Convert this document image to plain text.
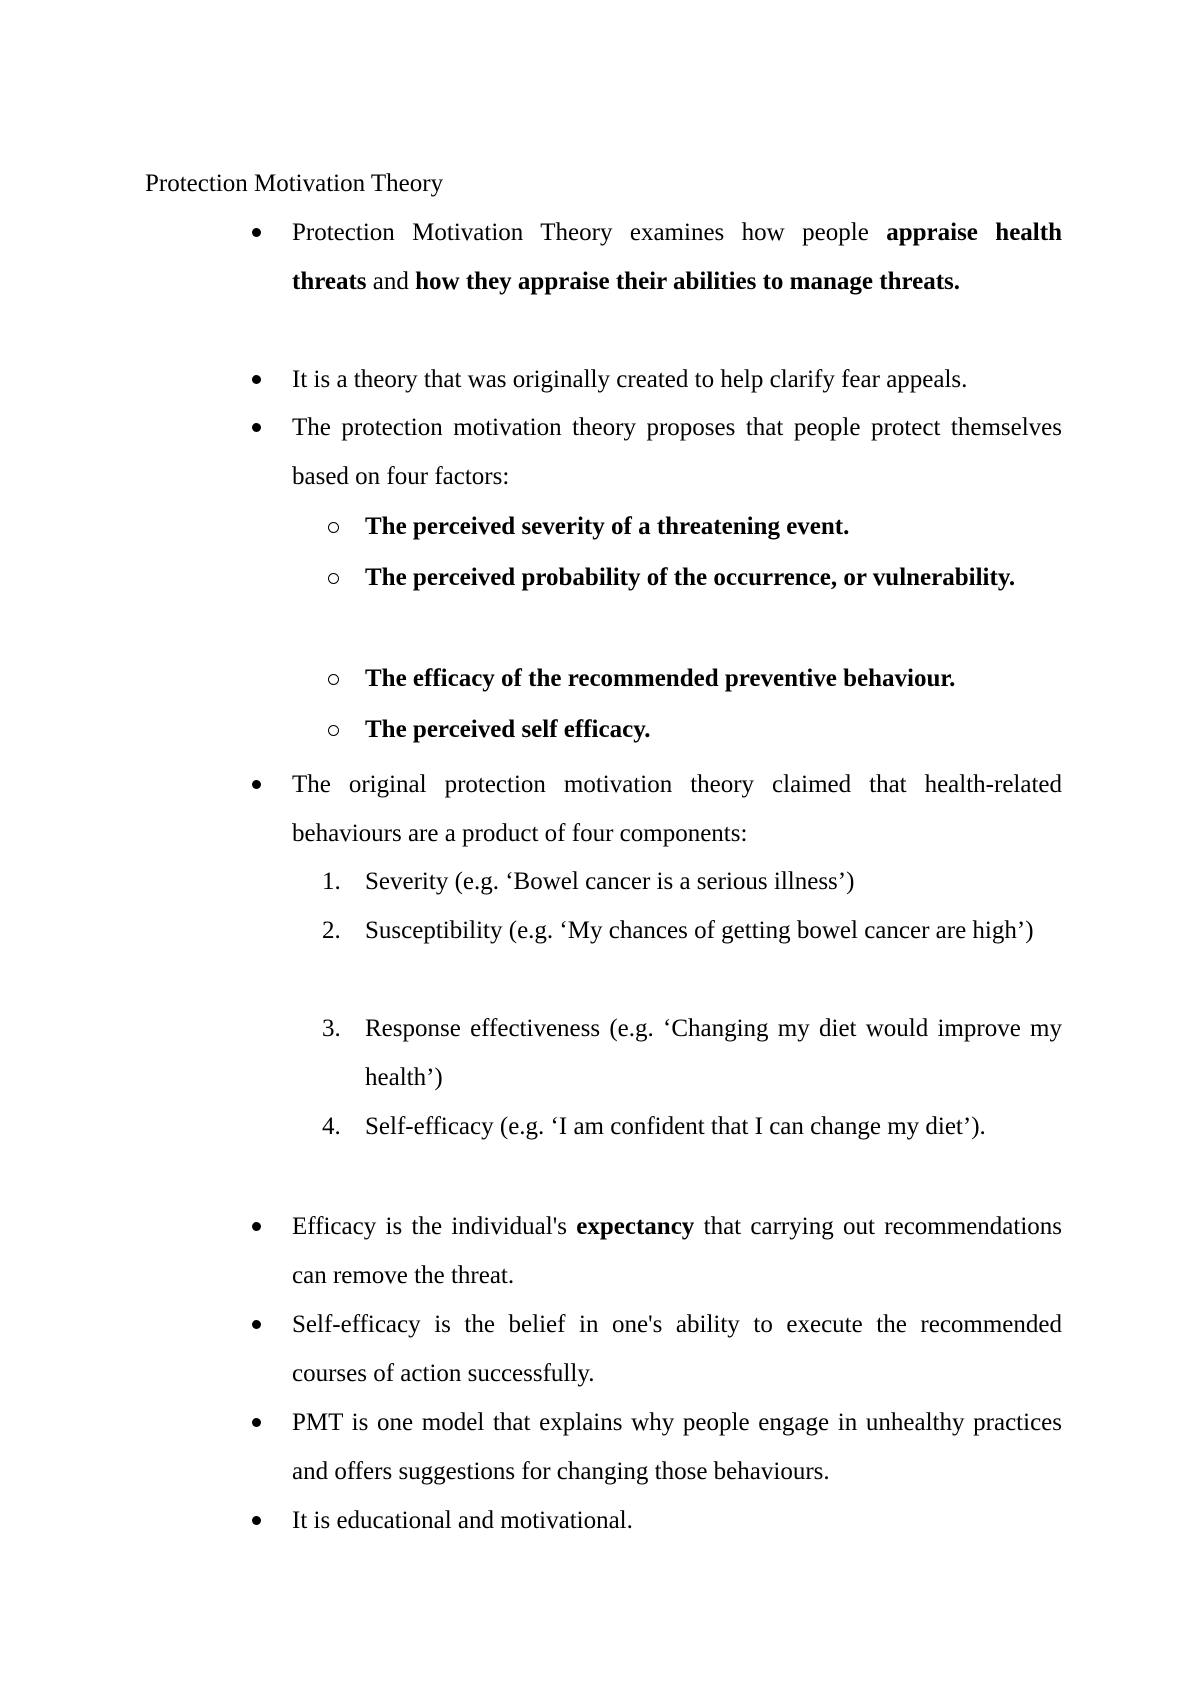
Protection Motivation Theory
Protection Motivation Theory examines how people appraise health threats and how they appraise their abilities to manage threats.
It is a theory that was originally created to help clarify fear appeals.
The protection motivation theory proposes that people protect themselves based on four factors:
The perceived severity of a threatening event.
The perceived probability of the occurrence, or vulnerability.
The efficacy of the recommended preventive behaviour.
The perceived self efficacy.
The original protection motivation theory claimed that health-related behaviours are a product of four components:
1. Severity (e.g. ‘Bowel cancer is a serious illness’)
2. Susceptibility (e.g. ‘My chances of getting bowel cancer are high’)
3. Response effectiveness (e.g. ‘Changing my diet would improve my health’)
4. Self-efficacy (e.g. ‘I am confident that I can change my diet’).
Efficacy is the individual's expectancy that carrying out recommendations can remove the threat.
Self-efficacy is the belief in one's ability to execute the recommended courses of action successfully.
PMT is one model that explains why people engage in unhealthy practices and offers suggestions for changing those behaviours.
It is educational and motivational.
